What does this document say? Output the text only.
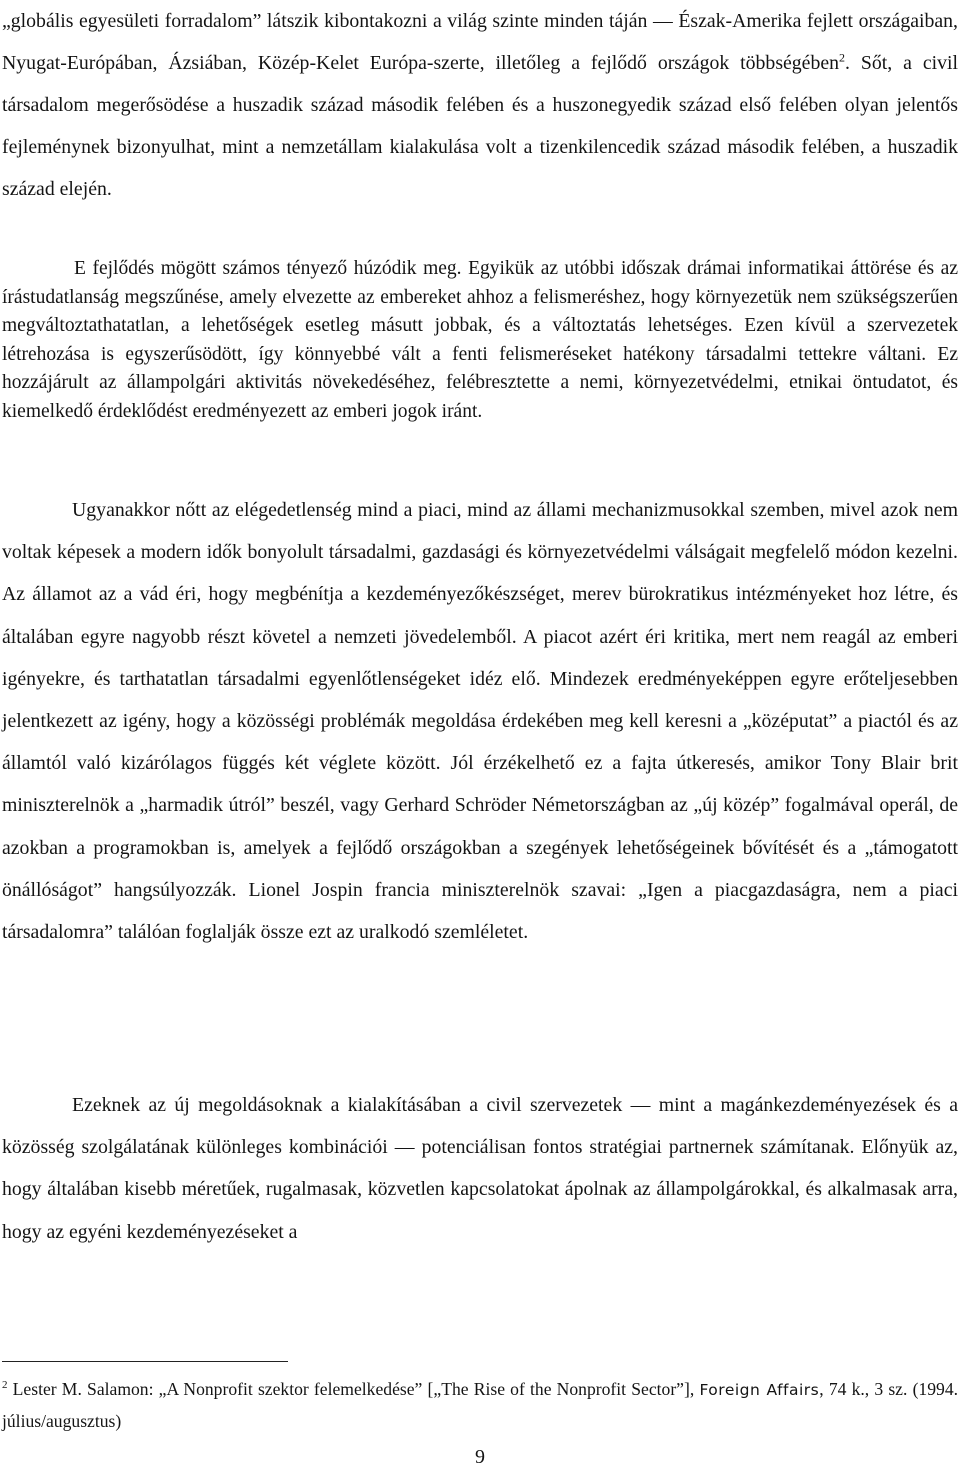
„globális egyesületi forradalom” látszik kibontakozni a világ szinte minden táján — Észak-Amerika fejlett országaiban, Nyugat-Európában, Ázsiában, Közép-Kelet Európa-szerte, illetőleg a fejlődő országok többségében$^2$. Sőt, a civil társadalom megerősödése a huszadik század második felében és a huszonegyedik század első felében olyan jelentős fejleménynek bizonyulhat, mint a nemzetállam kialakulása volt a tizenkilencedik század második felében, a huszadik század elején.

E fejlődés mögött számos tényező húzódik meg. Egyikük az utóbbi időszak drámai informatikai áttörése és az írástudatlanság megszűnése, amely elvezette az embereket ahhoz a felismeréshez, hogy környezetük nem szükségszerűen megváltoztathatatlan, a lehetőségek esetleg másutt jobbak, és a változtatás lehetséges. Ezen kívül a szervezetek létrehozása is egyszerűsödött, így könnyebbé vált a fenti felismeréseket hatékony társadalmi tettekre váltani. Ez hozzájárult az állampolgári aktivitás növekedéséhez, felébresztette a nemi, környezetvédelmi, etnikai öntudatot, és kiemelkedő érdeklődést eredményezett az emberi jogok iránt.

Ugyanakkor nőtt az elégedetlenség mind a piaci, mind az állami mechanizmusokkal szemben, mivel azok nem voltak képesek a modern idők bonyolult társadalmi, gazdasági és környezetvédelmi válságait megfelelő módon kezelni. Az államot az a vád éri, hogy megbénítja a kezdeményezőkészséget, merev bürokratikus intézményeket hoz létre, és általában egyre nagyobb részt követel a nemzeti jövedelemből. A piacot azért éri kritika, mert nem reagál az emberi igényekre, és tarthatatlan társadalmi egyenlőtlenségeket idéz elő. Mindezek eredményeképpen egyre erőteljesebben jelentkezett az igény, hogy a közösségi problémák megoldása érdekében meg kell keresni a „középutat” a piactól és az államtól való kizárólagos függés két véglete között. Jól érzékelhető ez a fajta útkeresés, amikor Tony Blair brit miniszterelnök a „harmadik útról” beszél, vagy Gerhard Schröder Németországban az „új közép” fogalmával operál, de azokban a programokban is, amelyek a fejlődő országokban a szegények lehetőségeinek bővítését és a „támogatott önállóságot” hangsúlyozzák. Lionel Jospin francia miniszterelnök szavai: „Igen a piacgazdaságra, nem a piaci társadalomra” találóan foglalják össze ezt az uralkodó szemléletet.

Ezeknek az új megoldásoknak a kialakításában a civil szervezetek — mint a magánkezdeményezések és a közösség szolgálatának különleges kombinációi — potenciálisan fontos stratégiai partnernek számítanak. Előnyük az, hogy általában kisebb méretűek, rugalmasak, közvetlen kapcsolatokat ápolnak az állampolgárokkal, és alkalmasak arra, hogy az egyéni kezdeményezéseket a

$^2$ Lester M. Salamon: „A Nonprofit szektor felemelkedése” [„The Rise of the Nonprofit Sector”], Foreign Affairs, 74 k., 3 sz. (1994. július/augusztus)

9
